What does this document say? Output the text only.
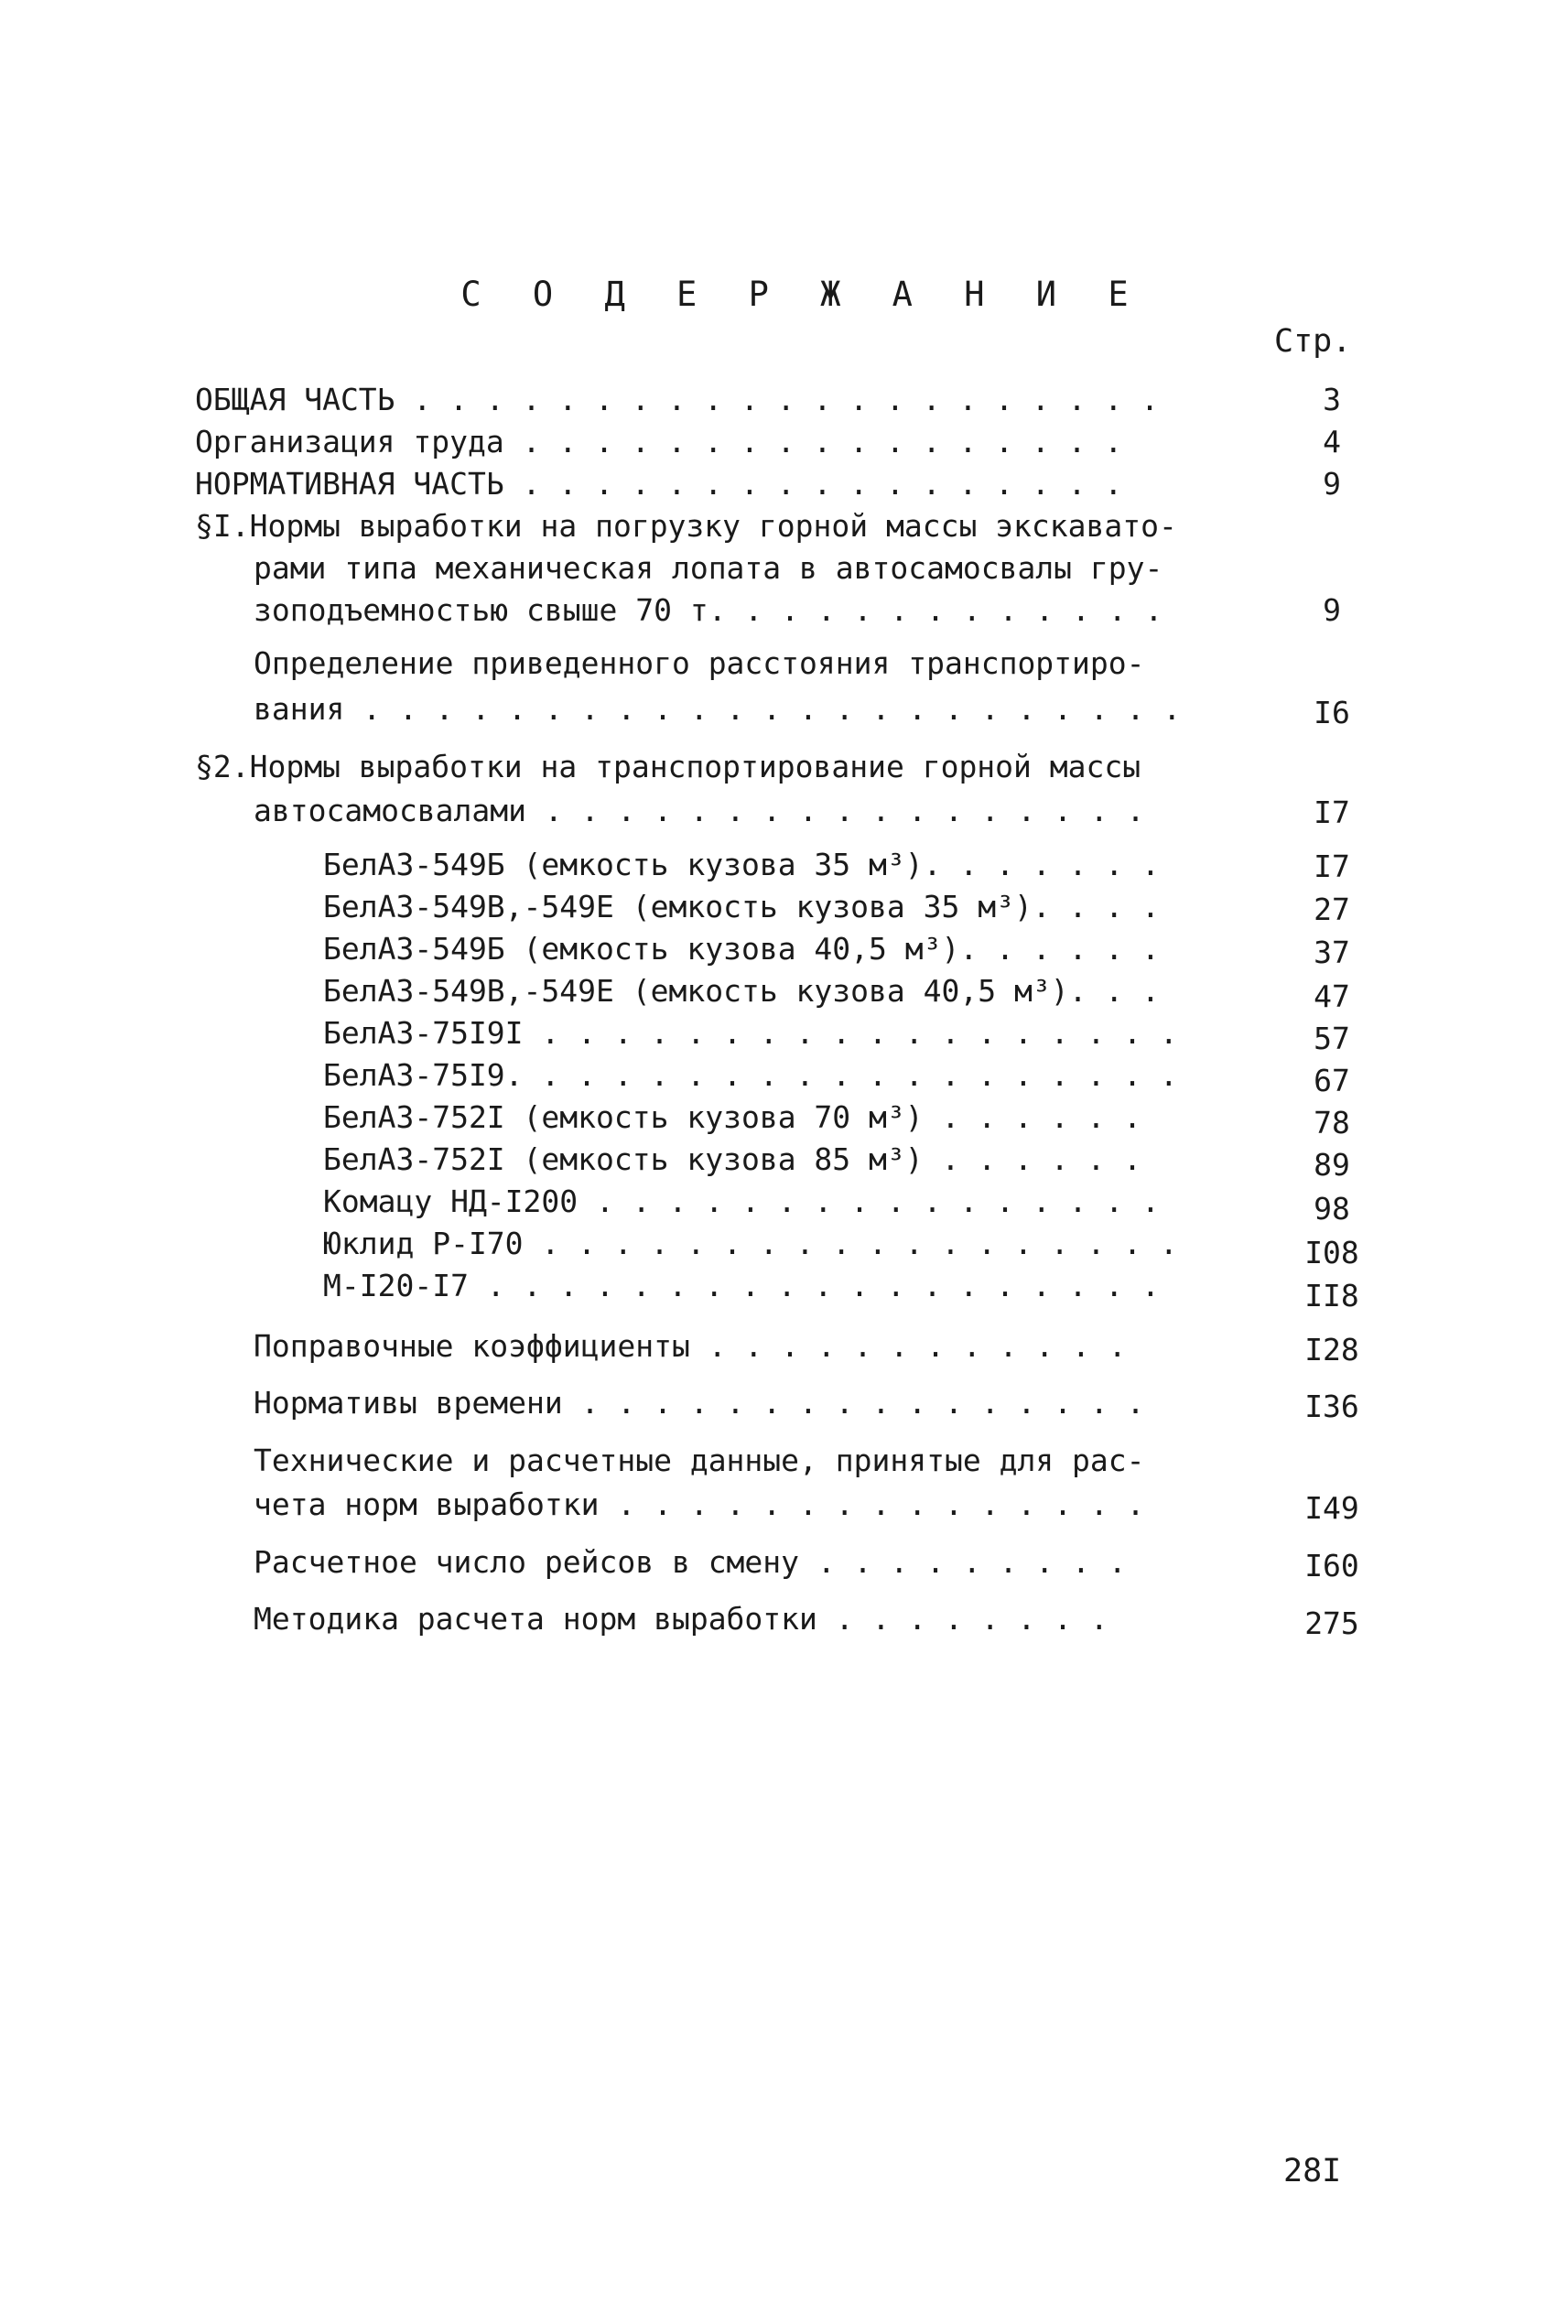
С О Д Е Р Ж А Н И Е
Стр.
ОБЩАЯ ЧАСТЬ . . . . . . . . . . . . . . . . . . . . .	3
Организация труда . . . . . . . . . . . . . . . . .	4
НОРМАТИВНАЯ ЧАСТЬ . . . . . . . . . . . . . . . . .	9
§I.Нормы выработки на погрузку горной массы экскавато-
рами типа механическая лопата в автосамосвалы гру-
зоподъемностью свыше 70 т. . . . . . . . . . . . .	9
Определение приведенного расстояния транспортиро-
вания . . . . . . . . . . . . . . . . . . . . . . .	I6
§2.Нормы выработки на транспортирование горной массы
автосамосвалами . . . . . . . . . . . . . . . . .	I7
БелАЗ-549Б (емкость кузова 35 м³). . . . . . .	I7
БелАЗ-549В,-549Е (емкость кузова 35 м³). . . .	27
БелАЗ-549Б (емкость кузова 40,5 м³). . . . . .	37
БелАЗ-549В,-549Е (емкость кузова 40,5 м³). . .	47
БелАЗ-75I9I . . . . . . . . . . . . . . . . . .	57
БелАЗ-75I9. . . . . . . . . . . . . . . . . . .	67
БелАЗ-752I (емкость кузова 70 м³) . . . . . .	78
БелАЗ-752I (емкость кузова 85 м³) . . . . . .	89
Комацу НД-I200 . . . . . . . . . . . . . . . .	98
Юклид Р-I70 . . . . . . . . . . . . . . . . . .	I08
М-I20-I7 . . . . . . . . . . . . . . . . . . .	II8
Поправочные коэффициенты . . . . . . . . . . . .	I28
Нормативы времени . . . . . . . . . . . . . . . .	I36
Технические и расчетные данные, принятые для рас-
чета норм выработки . . . . . . . . . . . . . . .	I49
Расчетное число рейсов в смену . . . . . . . . .	I60
Методика расчета норм выработки . . . . . . . .	275
28I
